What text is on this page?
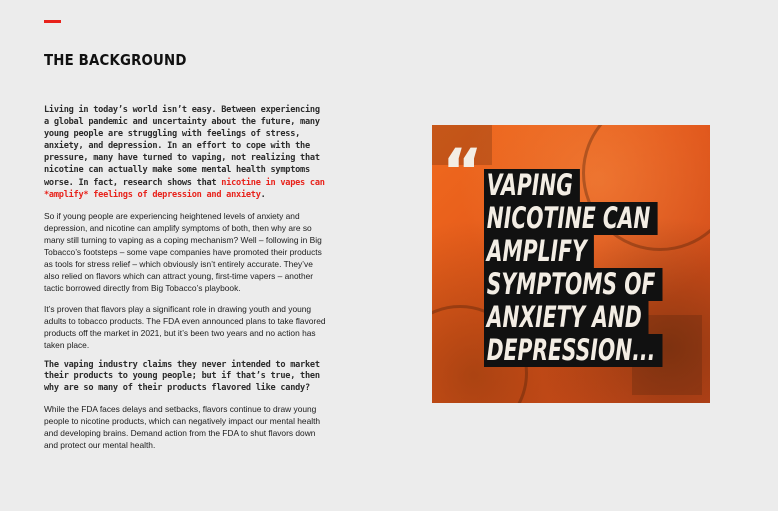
THE BACKGROUND

Living in today’s world isn’t easy. Between experiencing a global pandemic and uncertainty about the future, many young people are struggling with feelings of stress, anxiety, and depression. In an effort to cope with the pressure, many have turned to vaping, not realizing that nicotine can actually make some mental health symptoms worse. In fact, research shows that nicotine in vapes can *amplify* feelings of depression and anxiety.

So if young people are experiencing heightened levels of anxiety and depression, and nicotine can amplify symptoms of both, then why are so many still turning to vaping as a coping mechanism? Well – following in Big Tobacco’s footsteps – some vape companies have promoted their products as tools for stress relief – which obviously isn’t entirely accurate. They’ve also relied on flavors which can attract young, first-time vapers – another tactic borrowed directly from Big Tobacco’s playbook.

It’s proven that flavors play a significant role in drawing youth and young adults to tobacco products. The FDA even announced plans to take flavored products off the market in 2021, but it’s been two years and no action has taken place.

The vaping industry claims they never intended to market their products to young people; but if that’s true, then why are so many of their products flavored like candy?

While the FDA faces delays and setbacks, flavors continue to draw young people to nicotine products, which can negatively impact our mental health and developing brains. Demand action from the FDA to shut flavors down and protect our mental health.

“ VAPING
NICOTINE CAN
AMPLIFY
SYMPTOMS OF
ANXIETY AND
DEPRESSION...
